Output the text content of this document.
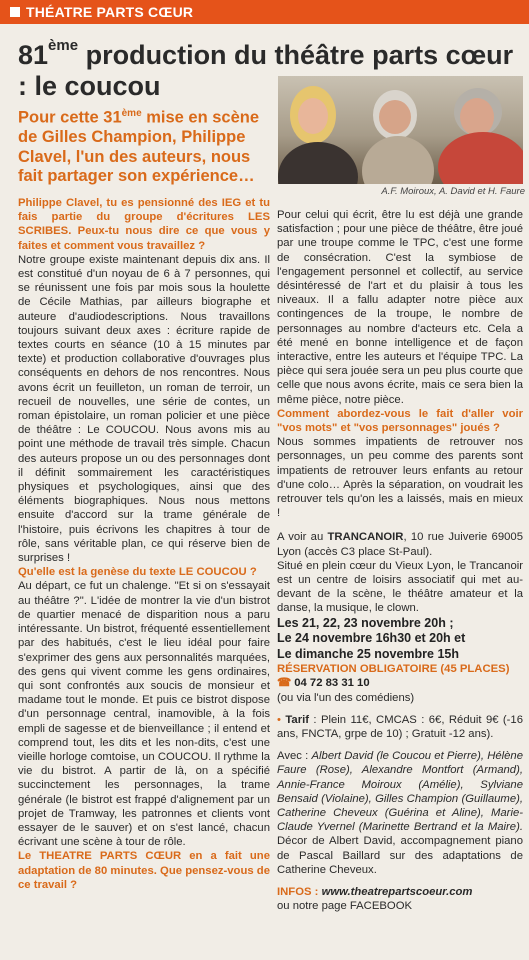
THÉATRE PARTS CŒUR
81ème production du théâtre parts cœur : le coucou
Pour cette 31ème mise en scène de Gilles Champion, Philippe Clavel, l'un des auteurs, nous fait partager son expérience…
A.F. Moiroux, A. David et H. Faure

Philippe Clavel, tu es pensionné des IEG et tu fais partie du groupe d'écritures LES SCRIBES. Peux-tu nous dire ce que vous y faites et comment vous travaillez ?

Notre groupe existe maintenant depuis dix ans. Il est constitué d'un noyau de 6 à 7 personnes, qui se réunissent une fois par mois sous la houlette de Cécile Mathias, par ailleurs biographe et auteure d'audiodescriptions. Nous travaillons toujours suivant deux axes : écriture rapide de textes courts en séance (10 à 15 minutes par texte) et production collaborative d'ouvrages plus conséquents en dehors de nos rencontres. Nous avons écrit un feuilleton, un roman de terroir, un recueil de nouvelles, une série de contes, un roman épistolaire, un roman policier et une pièce de théâtre : Le COUCOU. Nous avons mis au point une méthode de travail très simple. Chacun des auteurs propose un ou des personnages dont il définit sommairement les caractéristiques physiques et psychologiques, ainsi que des éléments biographiques. Nous nous mettons ensuite d'accord sur la trame générale de l'histoire, puis écrivons les chapitres à tour de rôle, sans véritable plan, ce qui réserve bien de surprises !

Qu'elle est la genèse du texte LE COUCOU ?

Au départ, ce fut un chalenge. "Et si on s'essayait au théâtre ?". L'idée de montrer la vie d'un bistrot de quartier menacé de disparition nous a paru intéressante. Un bistrot, fréquenté essentiellement par des habitués, c'est le lieu idéal pour faire s'exprimer des gens aux personnalités marquées, des gens qui vivent comme les gens ordinaires, qui sont confrontés aux soucis de monsieur et madame tout le monde. Et puis ce bistrot dispose d'un personnage central, inamovible, à la fois empli de sagesse et de bienveillance ; il entend et comprend tout, les dits et les non-dits, c'est une vieille horloge comtoise, un COUCOU. Il rythme la vie du bistrot. A partir de là, on a spécifié succinctement les personnages, la trame générale (le bistrot est frappé d'alignement par un projet de Tramway, les patronnes et clients vont essayer de le sauver) et on s'est lancé, chacun écrivant une scène à tour de rôle.

Le THEATRE PARTS CŒUR en a fait une adaptation de 80 minutes. Que pensez-vous de ce travail ?

Pour celui qui écrit, être lu est déjà une grande satisfaction ; pour une pièce de théâtre, être joué par une troupe comme le TPC, c'est une forme de consécration. C'est la symbiose de l'engagement personnel et collectif, au service désintéressé de l'art et du plaisir à tous les niveaux. Il a fallu adapter notre pièce aux contingences de la troupe, le nombre de personnages au nombre d'acteurs etc. Cela a été mené en bonne intelligence et de façon interactive, entre les auteurs et l'équipe TPC. La pièce qui sera jouée sera un peu plus courte que celle que nous avons écrite, mais ce sera bien la même pièce, notre pièce.

Comment abordez-vous le fait d'aller voir "vos mots" et "vos personnages" joués ?

Nous sommes impatients de retrouver nos personnages, un peu comme des parents sont impatients de retrouver leurs enfants au retour d'une colo… Après la séparation, on voudrait les retrouver tels qu'on les a laissés, mais en mieux !

A voir au TRANCANOIR, 10 rue Juiverie 69005 Lyon (accès C3 place St-Paul).

Situé en plein cœur du Vieux Lyon, le Trancanoir est un centre de loisirs associatif qui met au-devant de la scène, le théâtre amateur et la danse, la musique, le clown.

Les 21, 22, 23 novembre 20h ;
Le 24 novembre 16h30 et 20h et
Le dimanche 25 novembre 15h
RÉSERVATION OBLIGATOIRE (45 PLACES)
☎ 04 72 83 31 10
(ou via l'un des comédiens)

• Tarif : Plein 11€, CMCAS : 6€, Réduit 9€ (-16 ans, FNCTA, grpe de 10) ; Gratuit -12 ans).

Avec : Albert David (le Coucou et Pierre), Hélène Faure (Rose), Alexandre Montfort (Armand), Annie-France Moiroux (Amélie), Sylviane Bensaid (Violaine), Gilles Champion (Guillaume), Catherine Cheveux (Guérina et Aline), Marie-Claude Yvernel (Marinette Bertrand et la Maire). Décor de Albert David, accompagnement piano de Pascal Baillard sur des adaptations de Catherine Cheveux.

INFOS : www.theatrepartscoeur.com

ou notre page FACEBOOK
